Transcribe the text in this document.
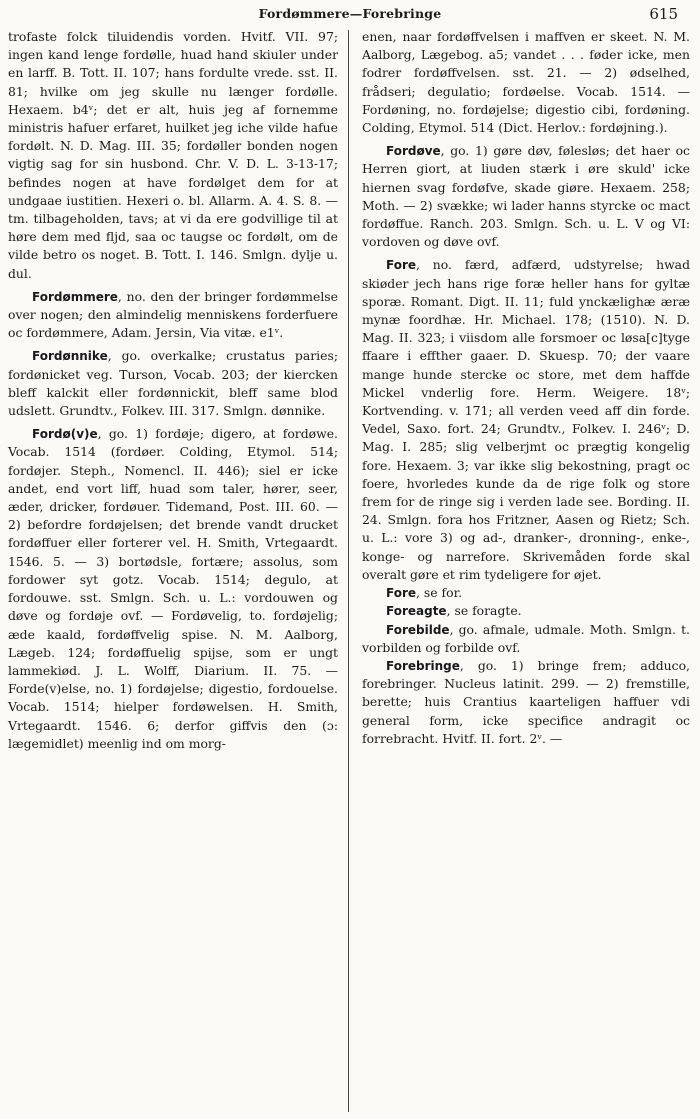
Fordømmere—Forebringe	615

trofaste folck tiluidendis vorden. Hvitf. VII. 97; ingen kand lenge fordølle, huad hand skiuler under en larff. B. Tott. II. 107; hans fordulte vrede. sst. II. 81; hvilke om jeg skulle nu længer fordølle. Hexaem. b4ᵛ; det er alt, huis jeg af fornemme ministris hafuer erfaret, huilket jeg iche vilde hafue fordølt. N. D. Mag. III. 35; fordøller bonden nogen vigtig sag for sin husbond. Chr. V. D. L. 3-13-17; befindes nogen at have fordølget dem for at undgaae iustitien. Hexeri o. bl. Allarm. A. 4. S. 8. — tm. tilbageholden, tavs; at vi da ere godvillige til at høre dem med fljd, saa oc taugse oc fordølt, om de vilde betro os noget. B. Tott. I. 146. Smlgn. dylje u. dul.

Fordømmere, no. den der bringer fordømmelse over nogen; den almindelig menniskens forderfuere oc fordømmere, Adam. Jersin, Via vitæ. e1ᵛ.

Fordønnike, go. overkalke; crustatus paries; fordønicket veg. Turson, Vocab. 203; der kiercken bleff kalckit eller fordønnickit, bleff same blod udslett. Grundtv., Folkev. III. 317. Smlgn. dønnike.

Fordø(v)e, go. 1) fordøje; digero, at fordøwe. Vocab. 1514 (fordøer. Colding, Etymol. 514; fordøjer. Steph., Nomencl. II. 446); siel er icke andet, end vort liff, huad som taler, hører, seer, æder, dricker, fordøuer. Tidemand, Post. III. 60. — 2) befordre fordøjelsen; det brende vandt drucket fordøffuer eller forterer vel. H. Smith, Vrtegaardt. 1546. 5. — 3) bortødsle, fortære; assolus, som fordower syt gotz. Vocab. 1514; degulo, at fordouwe. sst. Smlgn. Sch. u. L.: vordouwen og døve og fordøje ovf. — Fordøvelig, to. fordøjelig; æde kaald, fordøffvelig spise. N. M. Aalborg, Lægeb. 124; fordøffuelig spijse, som er ungt lammekiød. J. L. Wolff, Diarium. II. 75. — Forde(v)else, no. 1) fordøjelse; digestio, fordouelse. Vocab. 1514; hielper fordøwelsen. H. Smith, Vrtegaardt. 1546. 6; derfor giffvis den (ɔ: lægemidlet) meenlig ind om morg-

enen, naar fordøffvelsen i maffven er skeet. N. M. Aalborg, Lægebog. a5; vandet . . . føder icke, men fodrer fordøffvelsen. sst. 21. — 2) ødselhed, frådseri; degulatio; fordøelse. Vocab. 1514. — Fordøning, no. fordøjelse; digestio cibi, fordøning. Colding, Etymol. 514 (Dict. Herlov.: fordøjning.).

Fordøve, go. 1) gøre døv, følesløs; det haer oc Herren giort, at liuden stærk i øre skuld' icke hiernen svag fordøfve, skade giøre. Hexaem. 258; Moth. — 2) svække; wi lader hanns styrcke oc mact fordøffue. Ranch. 203. Smlgn. Sch. u. L. V og VI: vordoven og døve ovf.

Fore, no. færd, adfærd, udstyrelse; hwad skiøder jech hans rige foræ heller hans for gyltæ sporæ. Romant. Digt. II. 11; fuld ynckælighæ æræ mynæ foordhæ. Hr. Michael. 178; (1510). N. D. Mag. II. 323; i viisdom alle forsmoer oc løsa[c]tyge ffaare i effther gaaer. D. Skuesp. 70; der vaare mange hunde stercke oc store, met dem haffde Mickel vnderlig fore. Herm. Weigere. 18ᵛ; Kortvending. v. 171; all verden veed aff din forde. Vedel, Saxo. fort. 24; Grundtv., Folkev. I. 246ᵛ; D. Mag. I. 285; slig velberjmt oc prægtig kongelig fore. Hexaem. 3; var ikke slig bekostning, pragt oc foere, hvorledes kunde da de rige folk og store frem for de ringe sig i verden lade see. Bording. II. 24. Smlgn. fora hos Fritzner, Aasen og Rietz; Sch. u. L.: vore 3) og ad-, dranker-, dronning-, enke-, konge- og narrefore. Skrivemåden forde skal overalt gøre et rim tydeligere for øjet.

Fore, se for.

Foreagte, se foragte.

Forebilde, go. afmale, udmale. Moth. Smlgn. t. vorbilden og forbilde ovf.

Forebringe, go. 1) bringe frem; adduco, forebringer. Nucleus latinit. 299. — 2) fremstille, berette; huis Crantius kaarteligen haffuer vdi general form, icke specifice andragit oc forrebracht. Hvitf. II. fort. 2ᵛ. —
